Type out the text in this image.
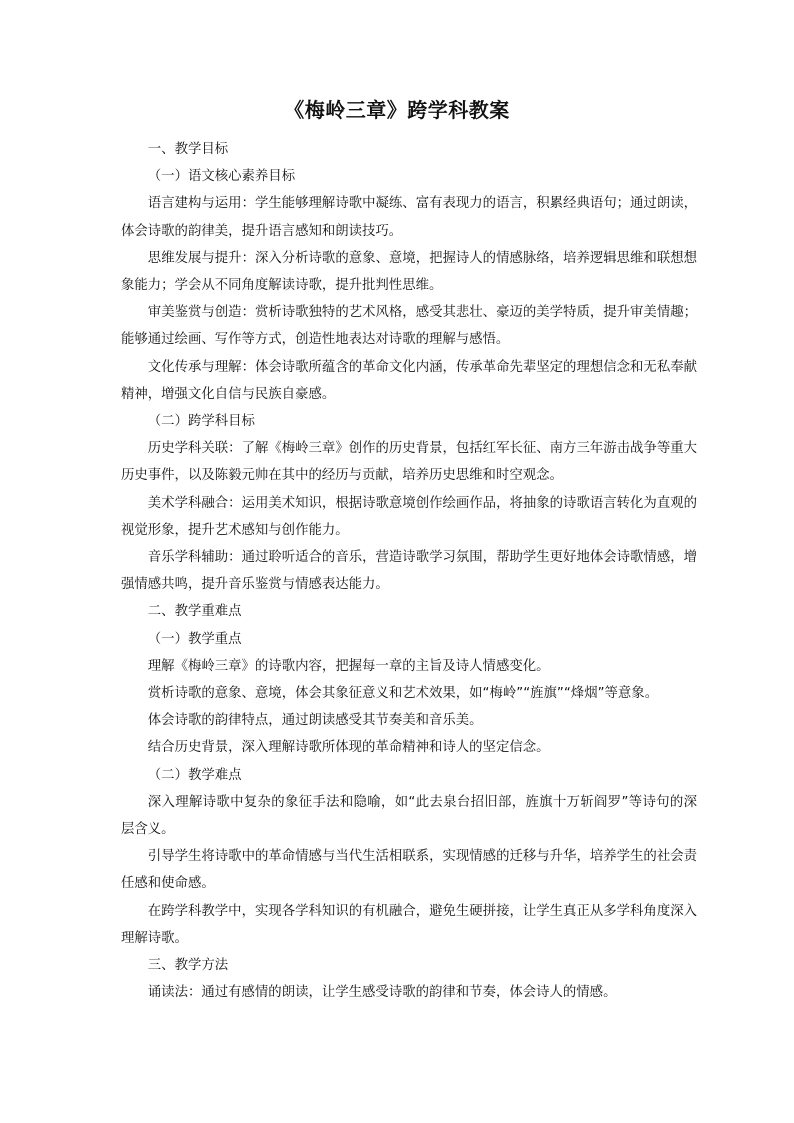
《梅岭三章》跨学科教案

一、教学目标

（一）语文核心素养目标

语言建构与运用：学生能够理解诗歌中凝练、富有表现力的语言，积累经典语句；通过朗读，体会诗歌的韵律美，提升语言感知和朗读技巧。

思维发展与提升：深入分析诗歌的意象、意境，把握诗人的情感脉络，培养逻辑思维和联想想象能力；学会从不同角度解读诗歌，提升批判性思维。

审美鉴赏与创造：赏析诗歌独特的艺术风格，感受其悲壮、豪迈的美学特质，提升审美情趣；能够通过绘画、写作等方式，创造性地表达对诗歌的理解与感悟。

文化传承与理解：体会诗歌所蕴含的革命文化内涵，传承革命先辈坚定的理想信念和无私奉献精神，增强文化自信与民族自豪感。

（二）跨学科目标

历史学科关联：了解《梅岭三章》创作的历史背景，包括红军长征、南方三年游击战争等重大历史事件，以及陈毅元帅在其中的经历与贡献，培养历史思维和时空观念。

美术学科融合：运用美术知识，根据诗歌意境创作绘画作品，将抽象的诗歌语言转化为直观的视觉形象，提升艺术感知与创作能力。

音乐学科辅助：通过聆听适合的音乐，营造诗歌学习氛围，帮助学生更好地体会诗歌情感，增强情感共鸣，提升音乐鉴赏与情感表达能力。

二、教学重难点

（一）教学重点

理解《梅岭三章》的诗歌内容，把握每一章的主旨及诗人情感变化。

赏析诗歌的意象、意境，体会其象征意义和艺术效果，如“梅岭”“旌旗”“烽烟”等意象。

体会诗歌的韵律特点，通过朗读感受其节奏美和音乐美。

结合历史背景，深入理解诗歌所体现的革命精神和诗人的坚定信念。

（二）教学难点

深入理解诗歌中复杂的象征手法和隐喻，如“此去泉台招旧部，旌旗十万斩阎罗”等诗句的深层含义。

引导学生将诗歌中的革命情感与当代生活相联系，实现情感的迁移与升华，培养学生的社会责任感和使命感。

在跨学科教学中，实现各学科知识的有机融合，避免生硬拼接，让学生真正从多学科角度深入理解诗歌。

三、教学方法

诵读法：通过有感情的朗读，让学生感受诗歌的韵律和节奏，体会诗人的情感。
